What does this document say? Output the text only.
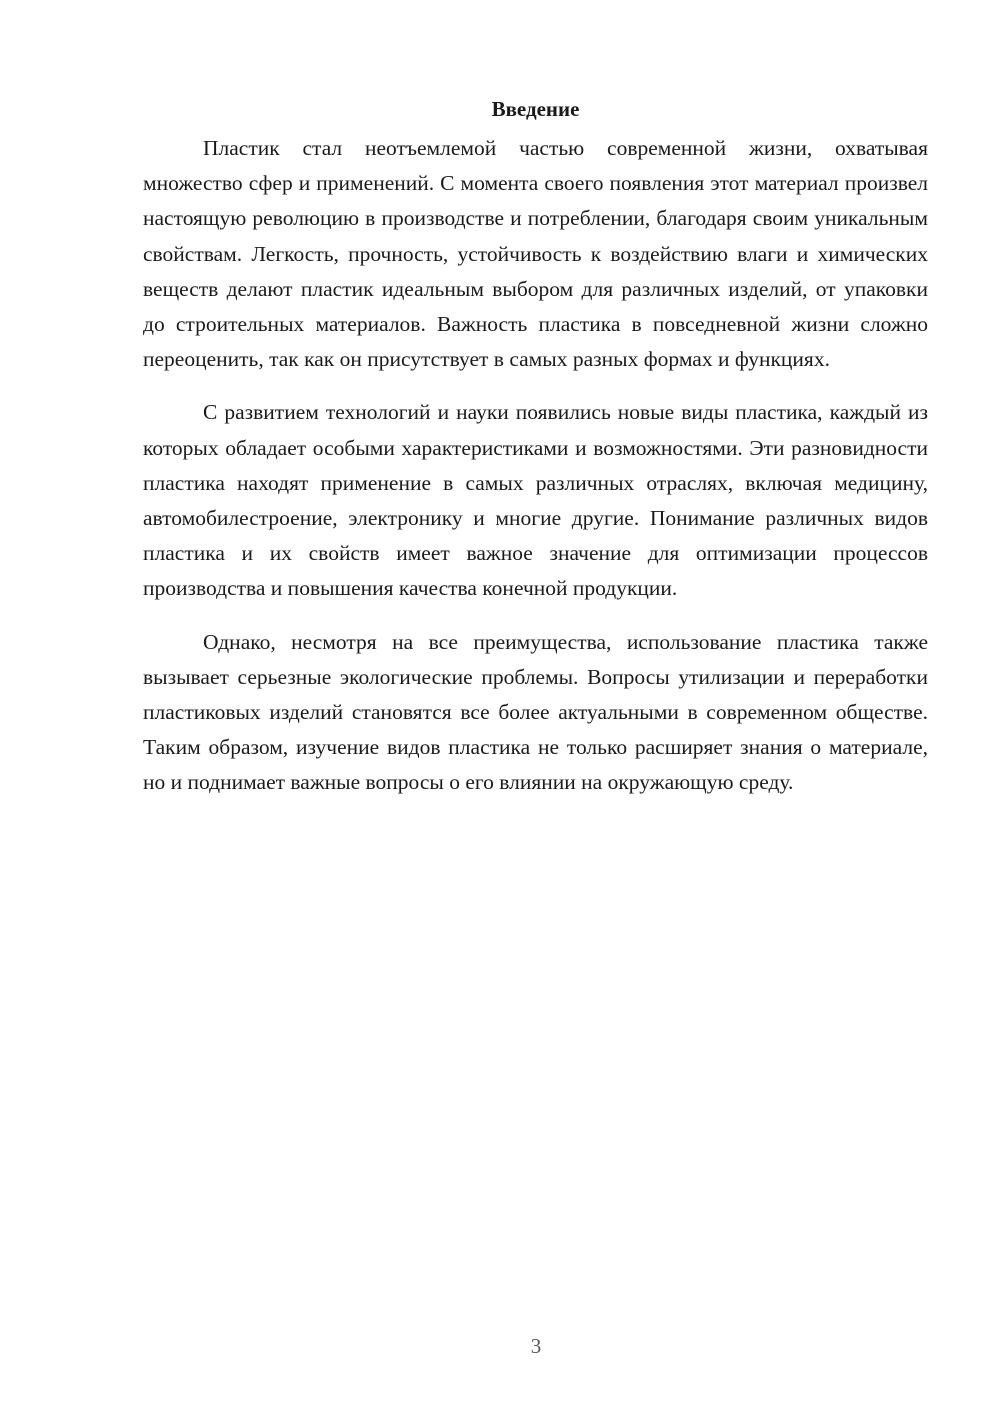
Введение

Пластик стал неотъемлемой частью современной жизни, охватывая множество сфер и применений. С момента своего появления этот материал произвел настоящую революцию в производстве и потреблении, благодаря своим уникальным свойствам. Легкость, прочность, устойчивость к воздействию влаги и химических веществ делают пластик идеальным выбором для различных изделий, от упаковки до строительных материалов. Важность пластика в повседневной жизни сложно переоценить, так как он присутствует в самых разных формах и функциях.

С развитием технологий и науки появились новые виды пластика, каждый из которых обладает особыми характеристиками и возможностями. Эти разновидности пластика находят применение в самых различных отраслях, включая медицину, автомобилестроение, электронику и многие другие. Понимание различных видов пластика и их свойств имеет важное значение для оптимизации процессов производства и повышения качества конечной продукции.

Однако, несмотря на все преимущества, использование пластика также вызывает серьезные экологические проблемы. Вопросы утилизации и переработки пластиковых изделий становятся все более актуальными в современном обществе. Таким образом, изучение видов пластика не только расширяет знания о материале, но и поднимает важные вопросы о его влиянии на окружающую среду.

3
